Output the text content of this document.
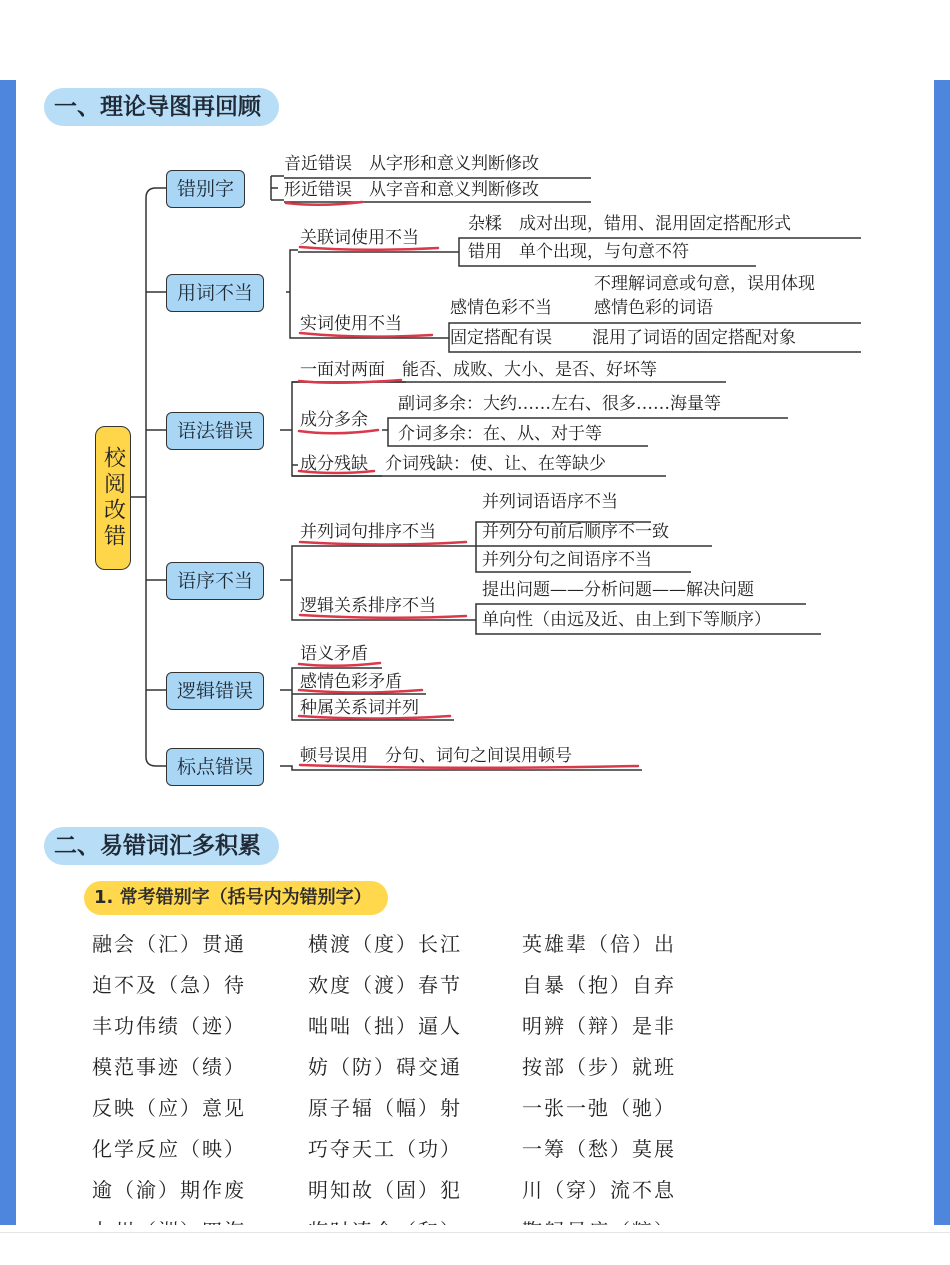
一、理论导图再回顾
校阅改错
错别字
用词不当
语法错误
语序不当
逻辑错误
标点错误
音近错误　从字形和意义判断修改
形近错误　从字音和意义判断修改
关联词使用不当
杂糅　成对出现，错用、混用固定搭配形式
错用　单个出现，与句意不符
实词使用不当
感情色彩不当
不理解词意或句意，误用体现
感情色彩的词语
固定搭配有误 混用了词语的固定搭配对象
一面对两面　能否、成败、大小、是否、好坏等
成分多余
副词多余：大约……左右、很多……海量等
介词多余：在、从、对于等
成分残缺　介词残缺：使、让、在等缺少
并列词句排序不当
并列词语语序不当
并列分句前后顺序不一致
并列分句之间语序不当
逻辑关系排序不当
提出问题——分析问题——解决问题
单向性（由远及近、由上到下等顺序）
语义矛盾
感情色彩矛盾
种属关系词并列
顿号误用　分句、词句之间误用顿号
二、易错词汇多积累
1. 常考错别字（括号内为错别字）
融会（汇）贯通
迫不及（急）待
丰功伟绩（迹）
模范事迹（绩）
反映（应）意见
化学反应（映）
逾（渝）期作废
横渡（度）长江
欢度（渡）春节
咄咄（拙）逼人
妨（防）碍交通
原子辐（幅）射
巧夺天工（功）
明知故（固）犯
英雄辈（倍）出
自暴（抱）自弃
明辨（辩）是非
按部（步）就班
一张一弛（驰）
一筹（愁）莫展
川（穿）流不息
